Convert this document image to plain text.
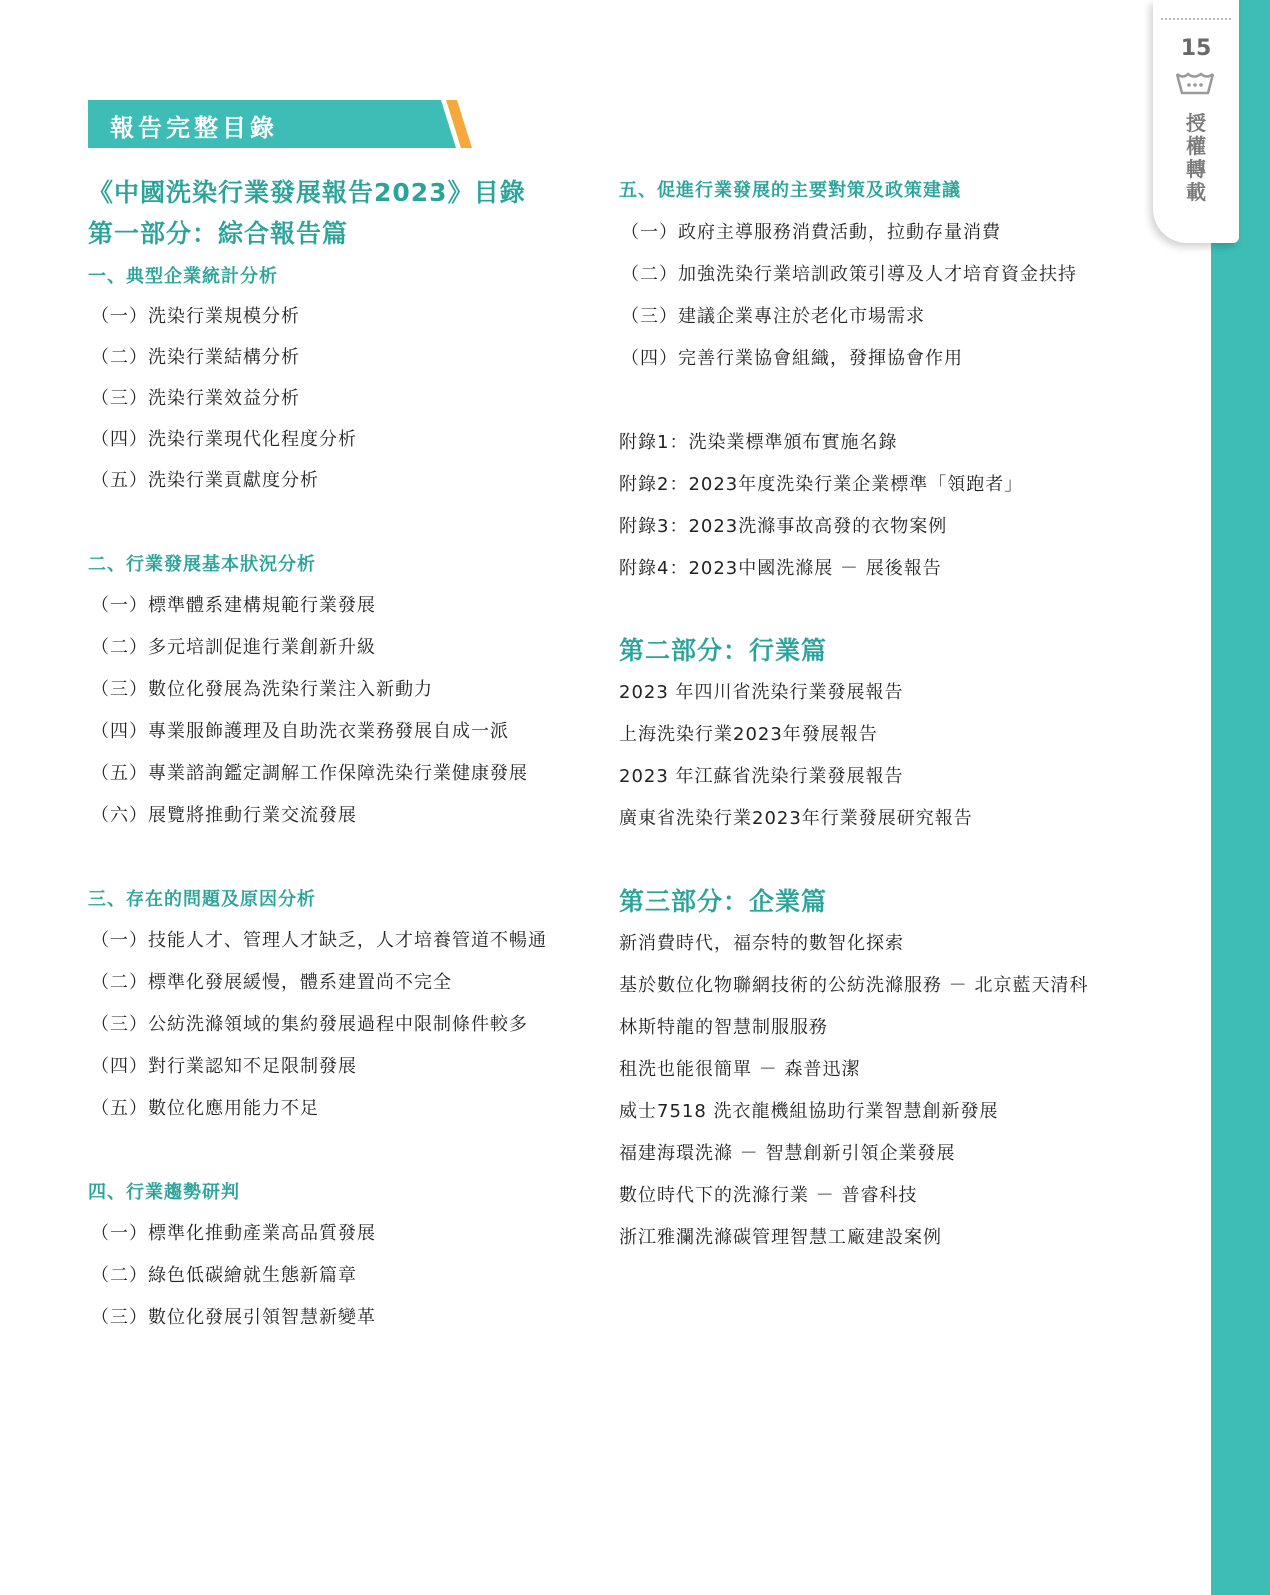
15
授
權
轉
載
報告完整目錄
《中國洗染行業發展報告2023》目錄
第一部分：綜合報告篇
一、典型企業統計分析
（一）洗染行業規模分析
（二）洗染行業結構分析
（三）洗染行業效益分析
（四）洗染行業現代化程度分析
（五）洗染行業貢獻度分析
二、行業發展基本狀況分析
（一）標準體系建構規範行業發展
（二）多元培訓促進行業創新升級
（三）數位化發展為洗染行業注入新動力
（四）專業服飾護理及自助洗衣業務發展自成一派
（五）專業諮詢鑑定調解工作保障洗染行業健康發展
（六）展覽將推動行業交流發展
三、存在的問題及原因分析
（一）技能人才、管理人才缺乏，人才培養管道不暢通
（二）標準化發展緩慢，體系建置尚不完全
（三）公紡洗滌領域的集約發展過程中限制條件較多
（四）對行業認知不足限制發展
（五）數位化應用能力不足
四、行業趨勢研判
（一）標準化推動產業高品質發展
（二）綠色低碳繪就生態新篇章
（三）數位化發展引領智慧新變革
五、促進行業發展的主要對策及政策建議
（一）政府主導服務消費活動，拉動存量消費
（二）加強洗染行業培訓政策引導及人才培育資金扶持
（三）建議企業專注於老化市場需求
（四）完善行業協會組織，發揮協會作用
附錄1：洗染業標準頒布實施名錄
附錄2：2023年度洗染行業企業標準「領跑者」
附錄3：2023洗滌事故高發的衣物案例
附錄4：2023中國洗滌展 － 展後報告
第二部分：行業篇
2023 年四川省洗染行業發展報告
上海洗染行業2023年發展報告
2023 年江蘇省洗染行業發展報告
廣東省洗染行業2023年行業發展研究報告
第三部分：企業篇
新消費時代，福奈特的數智化探索
基於數位化物聯網技術的公紡洗滌服務 － 北京藍天清科
林斯特龍的智慧制服服務
租洗也能很簡單 － 森普迅潔
威士7518 洗衣龍機組協助行業智慧創新發展
福建海環洗滌 － 智慧創新引領企業發展
數位時代下的洗滌行業 － 普睿科技
浙江雅瀾洗滌碳管理智慧工廠建設案例
